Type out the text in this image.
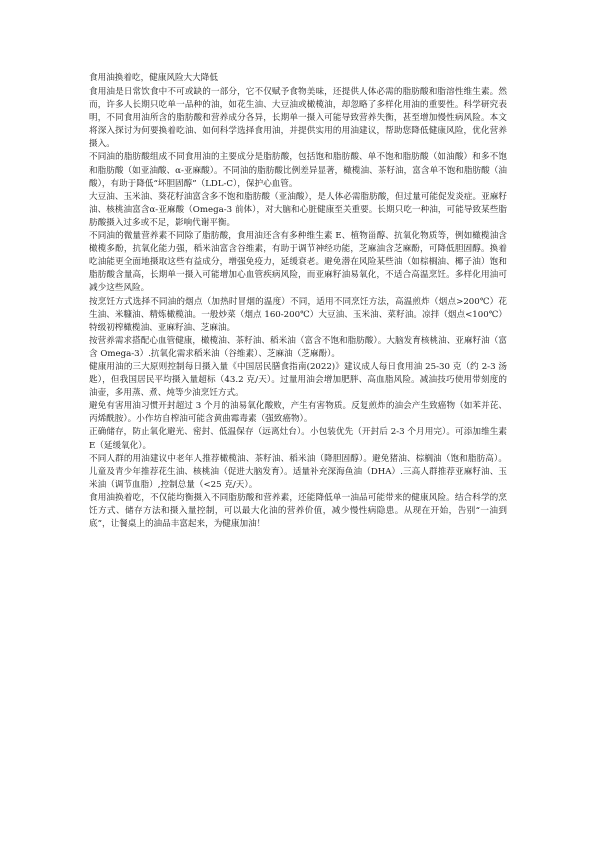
食用油换着吃，健康风险大大降低

食用油是日常饮食中不可或缺的一部分，它不仅赋予食物美味，还提供人体必需的脂肪酸和脂溶性维生素。然而，许多人长期只吃单一品种的油，如花生油、大豆油或橄榄油，却忽略了多样化用油的重要性。科学研究表明，不同食用油所含的脂肪酸和营养成分各异，长期单一摄入可能导致营养失衡，甚至增加慢性病风险。本文将深入探讨为何要换着吃油、如何科学选择食用油，并提供实用的用油建议，帮助您降低健康风险，优化营养摄入。

不同油的脂肪酸组成不同食用油的主要成分是脂肪酸，包括饱和脂肪酸、单不饱和脂肪酸（如油酸）和多不饱和脂肪酸（如亚油酸、α-亚麻酸）。不同油的脂肪酸比例差异显著，橄榄油、茶籽油，富含单不饱和脂肪酸（油酸），有助于降低“坏胆固醇”（LDL-C），保护心血管。

大豆油、玉米油、葵花籽油富含多不饱和脂肪酸（亚油酸），是人体必需脂肪酸，但过量可能促发炎症。亚麻籽油、核桃油富含α-亚麻酸（Omega-3 前体），对大脑和心脏健康至关重要。长期只吃一种油，可能导致某些脂肪酸摄入过多或不足，影响代谢平衡。

不同油的微量营养素不同除了脂肪酸，食用油还含有多种维生素 E、植物甾醇、抗氧化物质等，例如橄榄油含橄榄多酚，抗氧化能力强，稻米油富含谷维素，有助于调节神经功能，芝麻油含芝麻酚，可降低胆固醇。换着吃油能更全面地摄取这些有益成分，增强免疫力，延缓衰老。避免潜在风险某些油（如棕榈油、椰子油）饱和脂肪酸含量高，长期单一摄入可能增加心血管疾病风险，而亚麻籽油易氧化，不适合高温烹饪。多样化用油可减少这些风险。

按烹饪方式选择不同油的烟点（加热时冒烟的温度）不同，适用不同烹饪方法，高温煎炸（烟点>200℃）花生油、米糠油、精炼橄榄油。一般炒菜（烟点 160-200℃）大豆油、玉米油、菜籽油。凉拌（烟点<100℃）特级初榨橄榄油、亚麻籽油、芝麻油。

按营养需求搭配心血管健康，橄榄油、茶籽油、稻米油（富含不饱和脂肪酸）。大脑发育核桃油、亚麻籽油（富含 Omega-3）.抗氧化需求稻米油（谷维素）、芝麻油（芝麻酚）。

健康用油的三大原则控制每日摄入量《中国居民膳食指南(2022)》建议成人每日食用油 25-30 克（约 2-3 汤匙），但我国居民平均摄入量超标（43.2 克/天）。过量用油会增加肥胖、高血脂风险。减油技巧使用带刻度的油壶，多用蒸、煮、炖等少油烹饪方式。

避免有害用油习惯开封超过 3 个月的油易氧化酸败，产生有害物质。反复煎炸的油会产生致癌物（如苯并芘、丙烯酰胺）。小作坊自榨油可能含黄曲霉毒素（强致癌物）。

正确储存，防止氧化避光、密封、低温保存（远离灶台）。小包装优先（开封后 2-3 个月用完）。可添加维生素 E（延缓氧化）。

不同人群的用油建议中老年人推荐橄榄油、茶籽油、稻米油（降胆固醇）。避免猪油、棕榈油（饱和脂肪高）。儿童及青少年推荐花生油、核桃油（促进大脑发育）。适量补充深海鱼油（DHA）.三高人群推荐亚麻籽油、玉米油（调节血脂）,控制总量（<25 克/天）。

食用油换着吃，不仅能均衡摄入不同脂肪酸和营养素，还能降低单一油品可能带来的健康风险。结合科学的烹饪方式、储存方法和摄入量控制，可以最大化油的营养价值，减少慢性病隐患。从现在开始，告别“一油到底”，让餐桌上的油品丰富起来，为健康加油！
